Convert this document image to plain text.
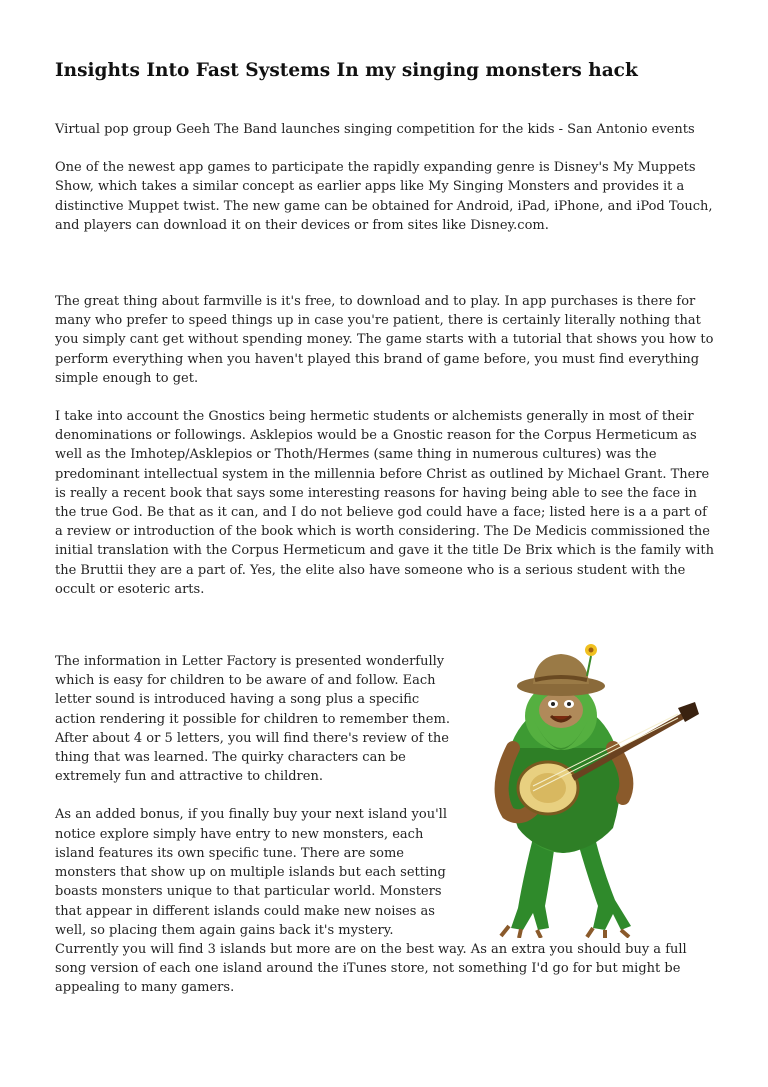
Insights Into Fast Systems In my singing monsters hack

Virtual pop group Geeh The Band launches singing competition for the kids - San Antonio events

One of the newest app games to participate the rapidly expanding genre is Disney's My Muppets Show, which takes a similar concept as earlier apps like My Singing Monsters and provides it a distinctive Muppet twist. The new game can be obtained for Android, iPad, iPhone, and iPod Touch, and players can download it on their devices or from sites like Disney.com.

The great thing about farmville is it's free, to download and to play. In app purchases is there for many who prefer to speed things up in case you're patient, there is certainly literally nothing that you simply cant get without spending money. The game starts with a tutorial that shows you how to perform everything when you haven't played this brand of game before, you must find everything simple enough to get.

I take into account the Gnostics being hermetic students or alchemists generally in most of their denominations or followings. Asklepios would be a Gnostic reason for the Corpus Hermeticum as well as the Imhotep/Asklepios or Thoth/Hermes (same thing in numerous cultures) was the predominant intellectual system in the millennia before Christ as outlined by Michael Grant. There is really a recent book that says some interesting reasons for having being able to see the face in the true God. Be that as it can, and I do not believe god could have a face; listed here is a a part of a review or introduction of the book which is worth considering. The De Medicis commissioned the initial translation with the Corpus Hermeticum and gave it the title De Brix which is the family with the Bruttii they are a part of. Yes, the elite also have someone who is a serious student with the occult or esoteric arts.

The information in Letter Factory is presented wonderfully which is easy for children to be aware of and follow. Each letter sound is introduced having a song plus a specific action rendering it possible for children to remember them. After about 4 or 5 letters, you will find there's review of the thing that was learned. The quirky characters can be extremely fun and attractive to children.

As an added bonus, if you finally buy your next island you'll notice explore simply have entry to new monsters, each island features its own specific tune. There are some monsters that show up on multiple islands but each setting boasts monsters unique to that particular world. Monsters that appear in different islands could make new noises as well, so placing them again gains back it's mystery. Currently you will find 3 islands but more are on the best way. As an extra you should buy a full song version of each one island around the iTunes store, not something I'd go for but might be appealing to many gamers.
